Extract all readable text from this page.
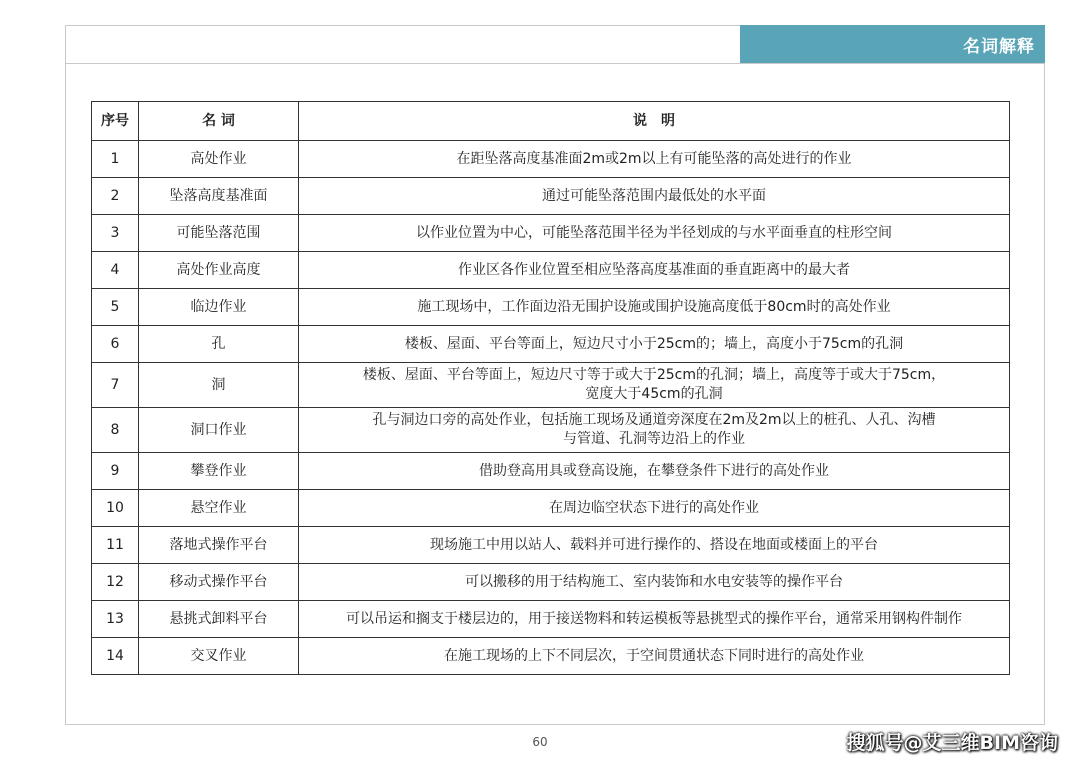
名词解释
序号	名 词	说　明
1	高处作业	在距坠落高度基准面2m或2m以上有可能坠落的高处进行的作业
2	坠落高度基准面	通过可能坠落范围内最低处的水平面
3	可能坠落范围	以作业位置为中心，可能坠落范围半径为半径划成的与水平面垂直的柱形空间
4	高处作业高度	作业区各作业位置至相应坠落高度基准面的垂直距离中的最大者
5	临边作业	施工现场中，工作面边沿无围护设施或围护设施高度低于80cm时的高处作业
6	孔	楼板、屋面、平台等面上，短边尺寸小于25cm的；墙上，高度小于75cm的孔洞
7	洞	楼板、屋面、平台等面上，短边尺寸等于或大于25cm的孔洞；墙上，高度等于或大于75cm，
宽度大于45cm的孔洞
8	洞口作业	孔与洞边口旁的高处作业，包括施工现场及通道旁深度在2m及2m以上的桩孔、人孔、沟槽
与管道、孔洞等边沿上的作业
9	攀登作业	借助登高用具或登高设施，在攀登条件下进行的高处作业
10	悬空作业	在周边临空状态下进行的高处作业
11	落地式操作平台	现场施工中用以站人、载料并可进行操作的、搭设在地面或楼面上的平台
12	移动式操作平台	可以搬移的用于结构施工、室内装饰和水电安装等的操作平台
13	悬挑式卸料平台	可以吊运和搁支于楼层边的，用于接送物料和转运模板等悬挑型式的操作平台，通常采用钢构件制作
14	交叉作业	在施工现场的上下不同层次，于空间贯通状态下同时进行的高处作业
60	搜狐号@艾三维BIM咨询
